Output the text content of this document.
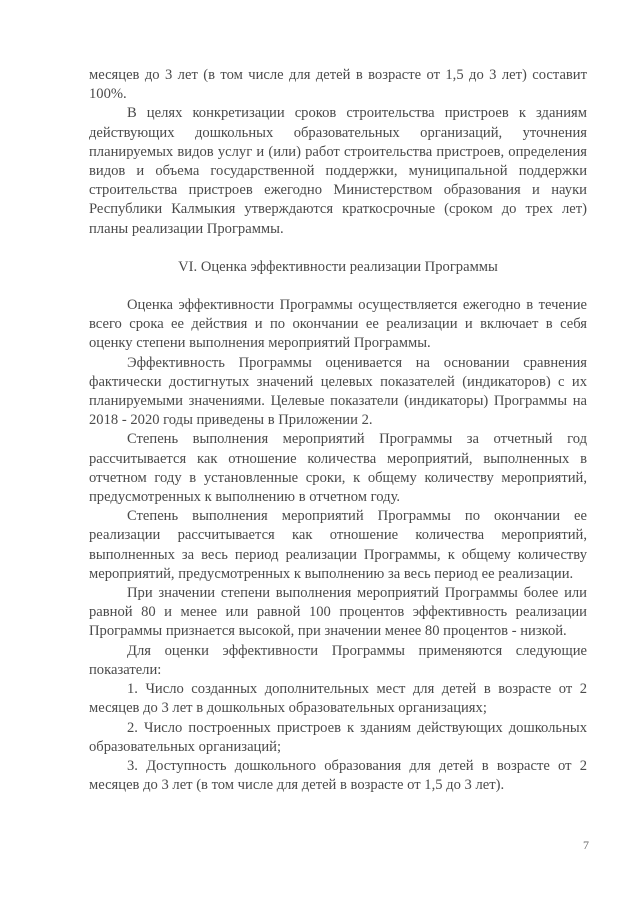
месяцев до 3 лет (в том числе для детей в возрасте от 1,5 до 3 лет) составит 100%.

В целях конкретизации сроков строительства пристроев к зданиям действующих дошкольных образовательных организаций, уточнения планируемых видов услуг и (или) работ строительства пристроев, определения видов и объема государственной поддержки, муниципальной поддержки строительства пристроев ежегодно Министерством образования и науки Республики Калмыкия утверждаются краткосрочные (сроком до трех лет) планы реализации Программы.

VI. Оценка эффективности реализации Программы

Оценка эффективности Программы осуществляется ежегодно в течение всего срока ее действия и по окончании ее реализации и включает в себя оценку степени выполнения мероприятий Программы.

Эффективность Программы оценивается на основании сравнения фактически достигнутых значений целевых показателей (индикаторов) с их планируемыми значениями. Целевые показатели (индикаторы) Программы на 2018 - 2020 годы приведены в Приложении 2.

Степень выполнения мероприятий Программы за отчетный год рассчитывается как отношение количества мероприятий, выполненных в отчетном году в установленные сроки, к общему количеству мероприятий, предусмотренных к выполнению в отчетном году.

Степень выполнения мероприятий Программы по окончании ее реализации рассчитывается как отношение количества мероприятий, выполненных за весь период реализации Программы, к общему количеству мероприятий, предусмотренных к выполнению за весь период ее реализации.

При значении степени выполнения мероприятий Программы более или равной 80 и менее или равной 100 процентов эффективность реализации Программы признается высокой, при значении менее 80 процентов - низкой.

Для оценки эффективности Программы применяются следующие показатели:

1. Число созданных дополнительных мест для детей в возрасте от 2 месяцев до 3 лет в дошкольных образовательных организациях;

2. Число построенных пристроев к зданиям действующих дошкольных образовательных организаций;

3. Доступность дошкольного образования для детей в возрасте от 2 месяцев до 3 лет (в том числе для детей в возрасте от 1,5 до 3 лет).

7
